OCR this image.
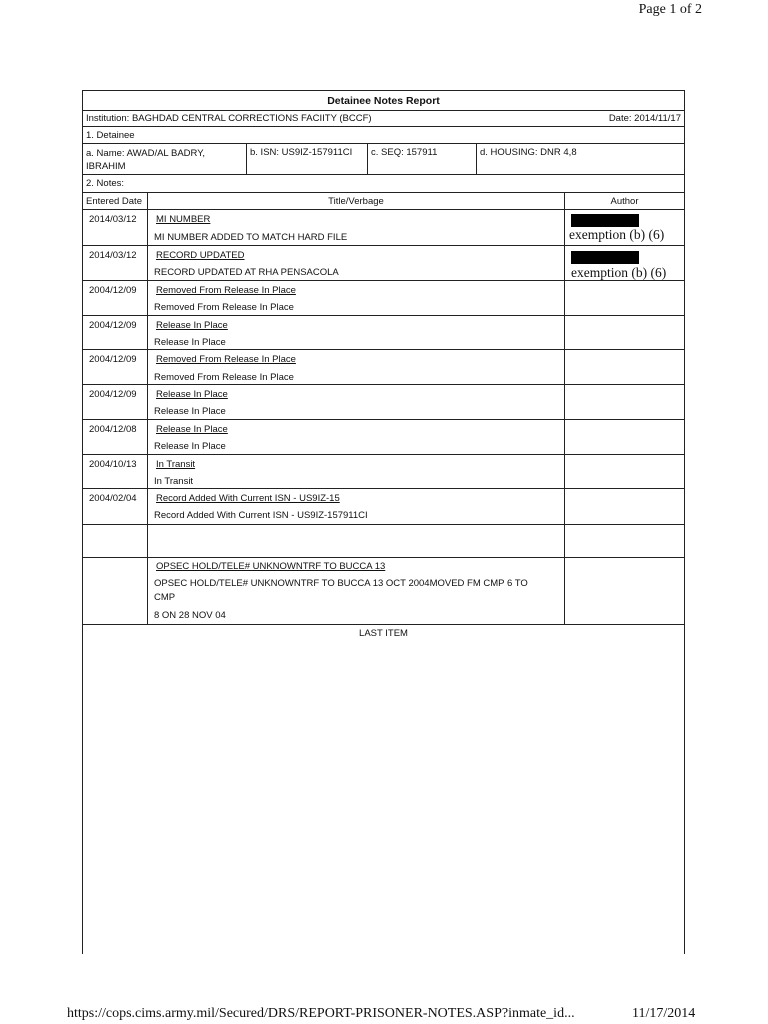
Page 1 of 2
Detainee Notes Report
Institution: BAGHDAD CENTRAL CORRECTIONS FACIITY (BCCF)	Date: 2014/11/17
1. Detainee
a. Name: AWAD/AL BADRY, IBRAHIM
b. ISN: US9IZ-157911CI c. SEQ: 157911	d. HOUSING: DNR 4,8
2. Notes:
Entered Date	Title/Verbage	Author
2014/03/12 MI NUMBER
MI NUMBER ADDED TO MATCH HARD FILE	exemption (b) (6)
2014/03/12 RECORD UPDATED
RECORD UPDATED AT RHA PENSACOLA	exemption (b) (6)
2004/12/09 Removed From Release In Place
Removed From Release In Place
2004/12/09 Release In Place
Release In Place
2004/12/09 Removed From Release In Place
Removed From Release In Place
2004/12/09 Release In Place
Release In Place
2004/12/08 Release In Place
Release In Place
2004/10/13 In Transit
In Transit
2004/02/04 Record Added With Current ISN - US9IZ-15
Record Added With Current ISN - US9IZ-157911CI
OPSEC HOLD/TELE# UNKNOWNTRF TO BUCCA 13
OPSEC HOLD/TELE# UNKNOWNTRF TO BUCCA 13 OCT 2004MOVED FM CMP 6 TO
CMP
8 ON 28 NOV 04
LAST ITEM
https://cops.cims.army.mil/Secured/DRS/REPORT-PRISONER-NOTES.ASP?inmate_id...	11/17/2014
